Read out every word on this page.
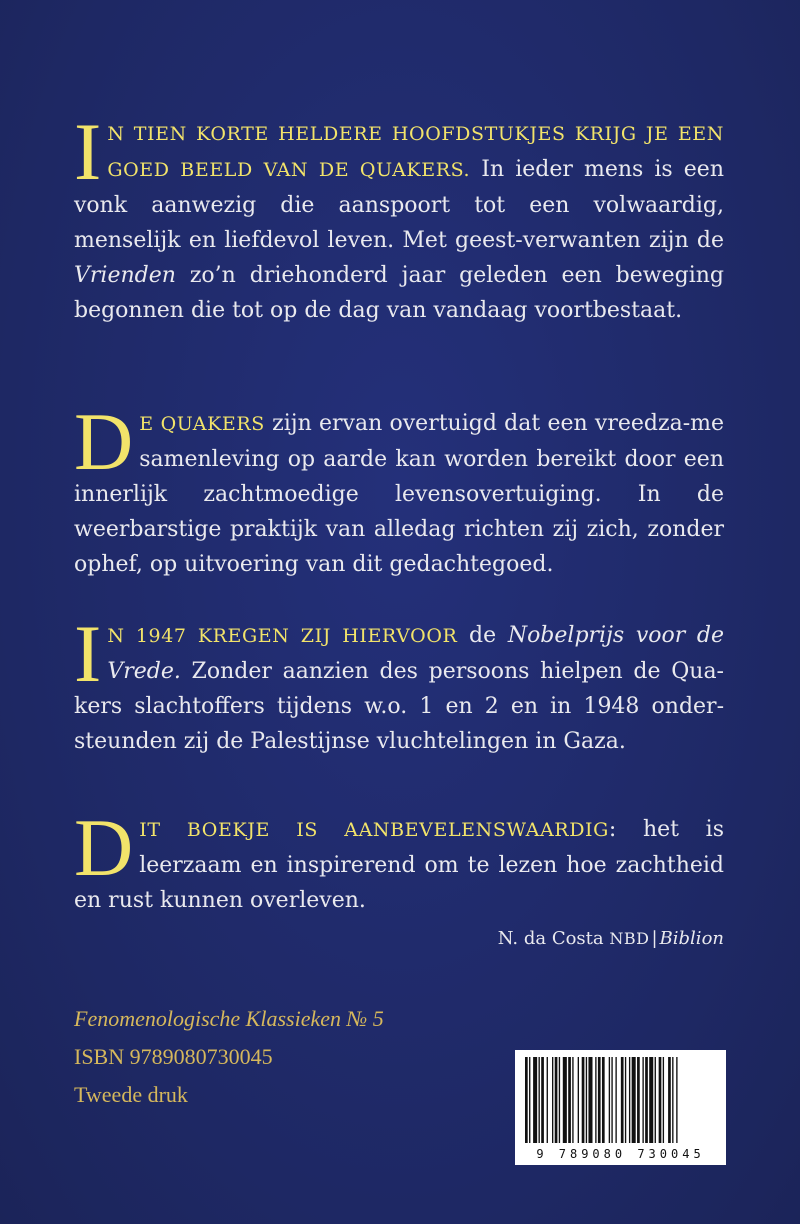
IN TIEN KORTE HELDERE HOOFDSTUKJES KRIJG JE EEN GOED BEELD VAN DE QUAKERS. In ieder mens is een vonk aanwezig die aanspoort tot een volwaardig, menselijk en liefdevol leven. Met geest-verwanten zijn de Vrienden zo’n driehonderd jaar geleden een beweging begonnen die tot op de dag van vandaag voortbestaat.

DE QUAKERS zijn ervan overtuigd dat een vreedza-me samenleving op aarde kan worden bereikt door een innerlijk zachtmoedige levensovertuiging. In de weerbarstige praktijk van alledag richten zij zich, zonder ophef, op uitvoering van dit gedachtegoed.

IN 1947 KREGEN ZIJ HIERVOOR de Nobelprijs voor de Vrede. Zonder aanzien des persoons hielpen de Qua-kers slachtoffers tijdens w.o. 1 en 2 en in 1948 onder-steunden zij de Palestijnse vluchtelingen in Gaza.

DIT BOEKJE IS AANBEVELENSWAARDIG: het is leerzaam en inspirerend om te lezen hoe zachtheid en rust kunnen overleven.

N. da Costa NBD | Biblion
Fenomenologische Klassieken № 5
ISBN 9789080730045
Tweede druk
9 789080 730045
